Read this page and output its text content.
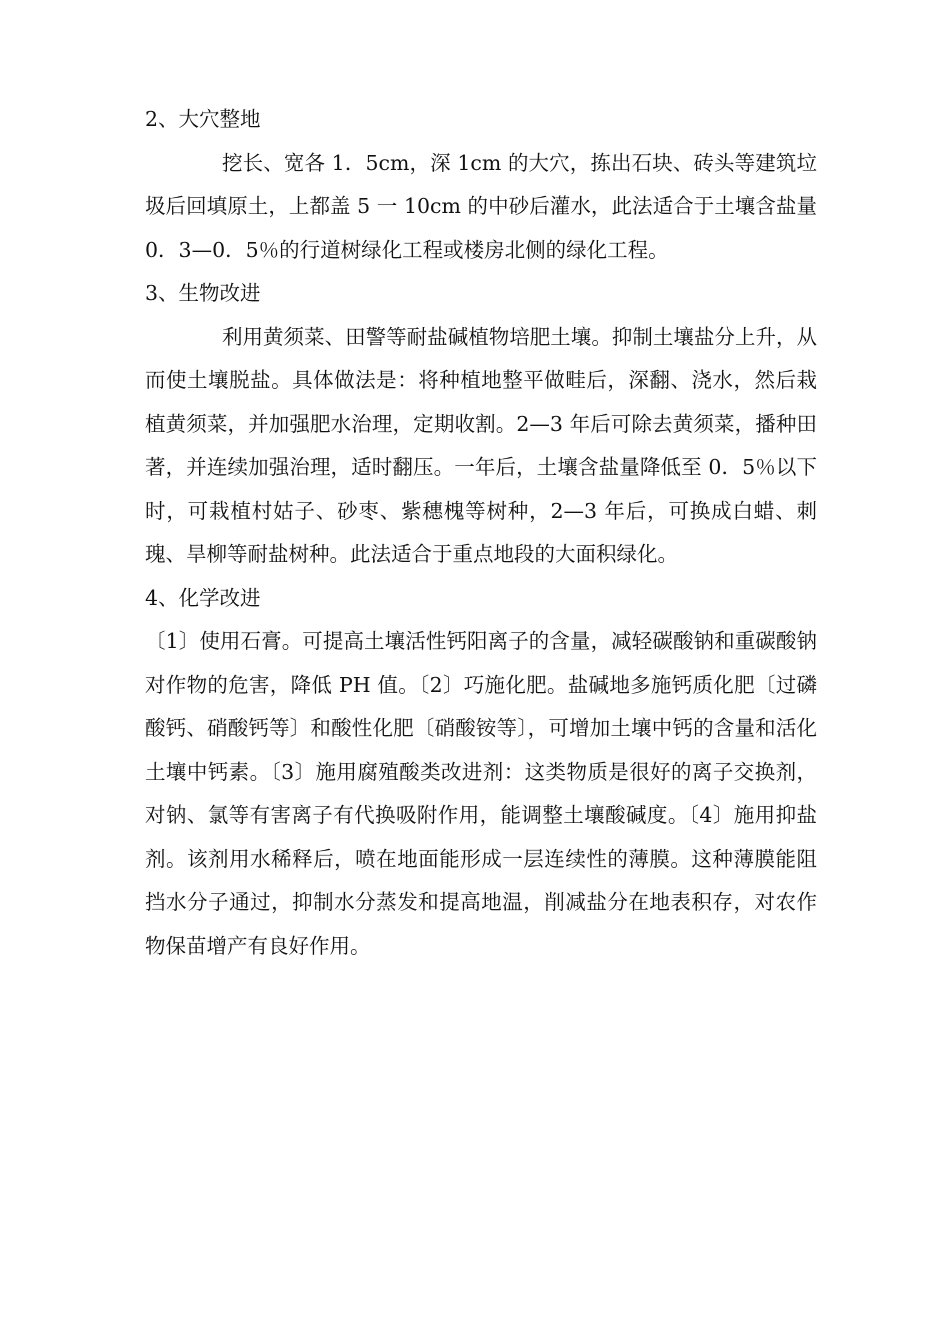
2、大穴整地

挖长、宽各 1．5cm，深 1cm 的大穴，拣出石块、砖头等建筑垃圾后回填原土，上都盖 5 一 10cm 的中砂后灌水，此法适合于土壤含盐量 0．3—0．5％的行道树绿化工程或楼房北侧的绿化工程。

3、生物改进

利用黄须菜、田警等耐盐碱植物培肥土壤。抑制土壤盐分上升，从而使土壤脱盐。具体做法是：将种植地整平做畦后，深翻、浇水，然后栽植黄须菜，并加强肥水治理，定期收割。2—3 年后可除去黄须菜，播种田著，并连续加强治理，适时翻压。一年后，土壤含盐量降低至 0．5％以下时，可栽植村姑子、砂枣、紫穗槐等树种，2—3 年后，可换成白蜡、刺瑰、旱柳等耐盐树种。此法适合于重点地段的大面积绿化。

4、化学改进

〔1〕使用石膏。可提高土壤活性钙阳离子的含量，减轻碳酸钠和重碳酸钠对作物的危害，降低 PH 值。〔2〕巧施化肥。盐碱地多施钙质化肥〔过磷酸钙、硝酸钙等〕和酸性化肥〔硝酸铵等〕，可增加土壤中钙的含量和活化土壤中钙素。〔3〕施用腐殖酸类改进剂：这类物质是很好的离子交换剂，对钠、氯等有害离子有代换吸附作用，能调整土壤酸碱度。〔4〕施用抑盐剂。该剂用水稀释后，喷在地面能形成一层连续性的薄膜。这种薄膜能阻挡水分子通过，抑制水分蒸发和提高地温，削减盐分在地表积存，对农作物保苗增产有良好作用。
